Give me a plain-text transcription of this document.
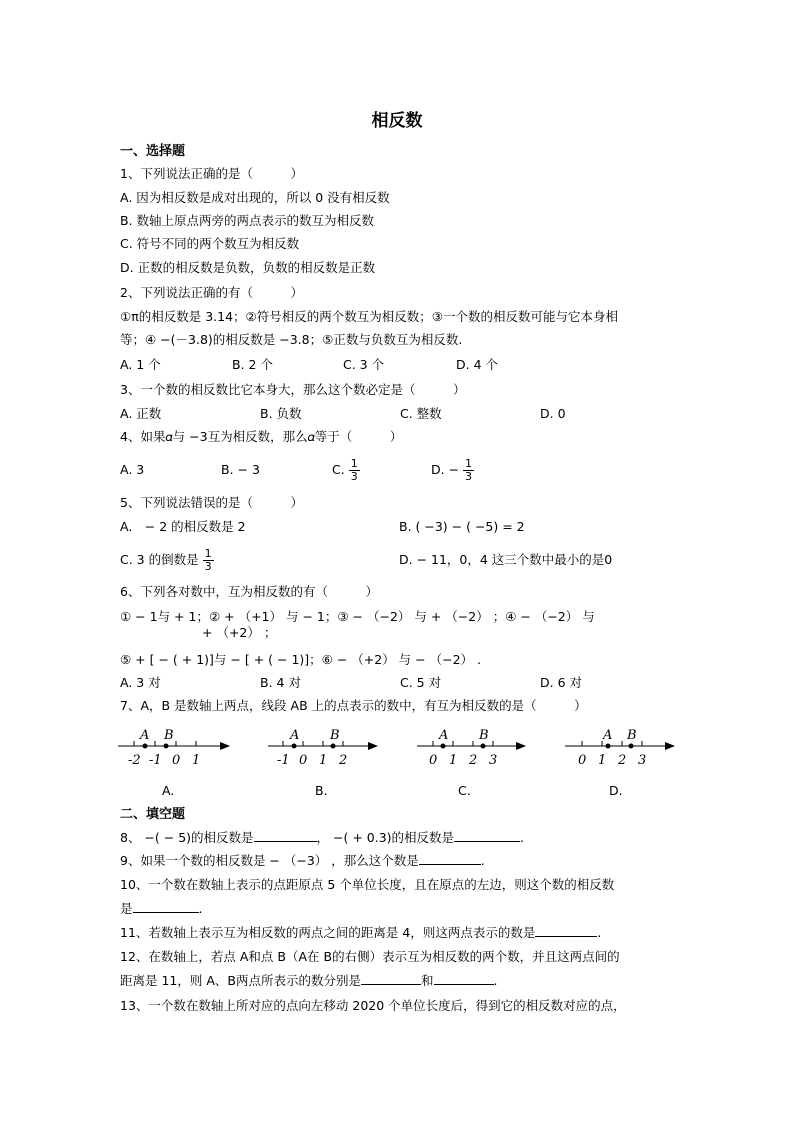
相反数
一、选择题
1、下列说法正确的是（　　　）
A. 因为相反数是成对出现的，所以 0 没有相反数
B. 数轴上原点两旁的两点表示的数互为相反数
C. 符号不同的两个数互为相反数
D. 正数的相反数是负数，负数的相反数是正数
2、下列说法正确的有（　　　）
①π的相反数是 3.14；②符号相反的两个数互为相反数；③一个数的相反数可能与它本身相
等；④ −(－3.8)的相反数是 −3.8；⑤正数与负数互为相反数.
A. 1 个	B. 2 个	C. 3 个	D. 4 个
3、一个数的相反数比它本身大，那么这个数必定是（　　　）
A. 正数	B. 负数	C. 整数	D. 0
4、如果𝛼与 −3互为相反数，那么𝛼等于（　　　）
A. 3	B. − 3	C. $\frac{1}{3}$	D. − $\frac{1}{3}$
5、下列说法错误的是（　　　）
A.　− 2 的相反数是 2	B. ( −3) − ( −5) = 2
C. 3 的倒数是 $\frac{1}{3}$	D. − 11，0，4 这三个数中最小的是0
6、下列各对数中，互为相反数的有（　　　）
① − 1与 + 1；② + （+1） 与 − 1；③ − （−2） 与 + （−2） ；④ − （−2） 与
+ （+2） ；
⑤ + [ − ( + 1)]与 − [ + ( − 1)]；⑥ − （+2） 与 − （−2） .
A. 3 对	B. 4 对	C. 5 对	D. 6 对
7、A，B 是数轴上两点，线段 AB 上的点表示的数中，有互为相反数的是（　　　）
A B
-2 -1 0 1
A B
-1 0 1 2
A B
0 1 2 3
A B
0 1 2 3
A.	B.	C.	D.
二、填空题
8、 −( − 5)的相反数是	， −( + 0.3)的相反数是	.
9、如果一个数的相反数是 − （−3） ，那么这个数是	.
10、一个数在数轴上表示的点距原点 5 个单位长度，且在原点的左边，则这个数的相反数
是	.
11、若数轴上表示互为相反数的两点之间的距离是 4，则这两点表示的数是	.
12、在数轴上，若点 A和点 B（A在 B的右侧）表示互为相反数的两个数，并且这两点间的
距离是 11，则 A、B两点所表示的数分别是	和	.
13、一个数在数轴上所对应的点向左移动 2020 个单位长度后，得到它的相反数对应的点，
